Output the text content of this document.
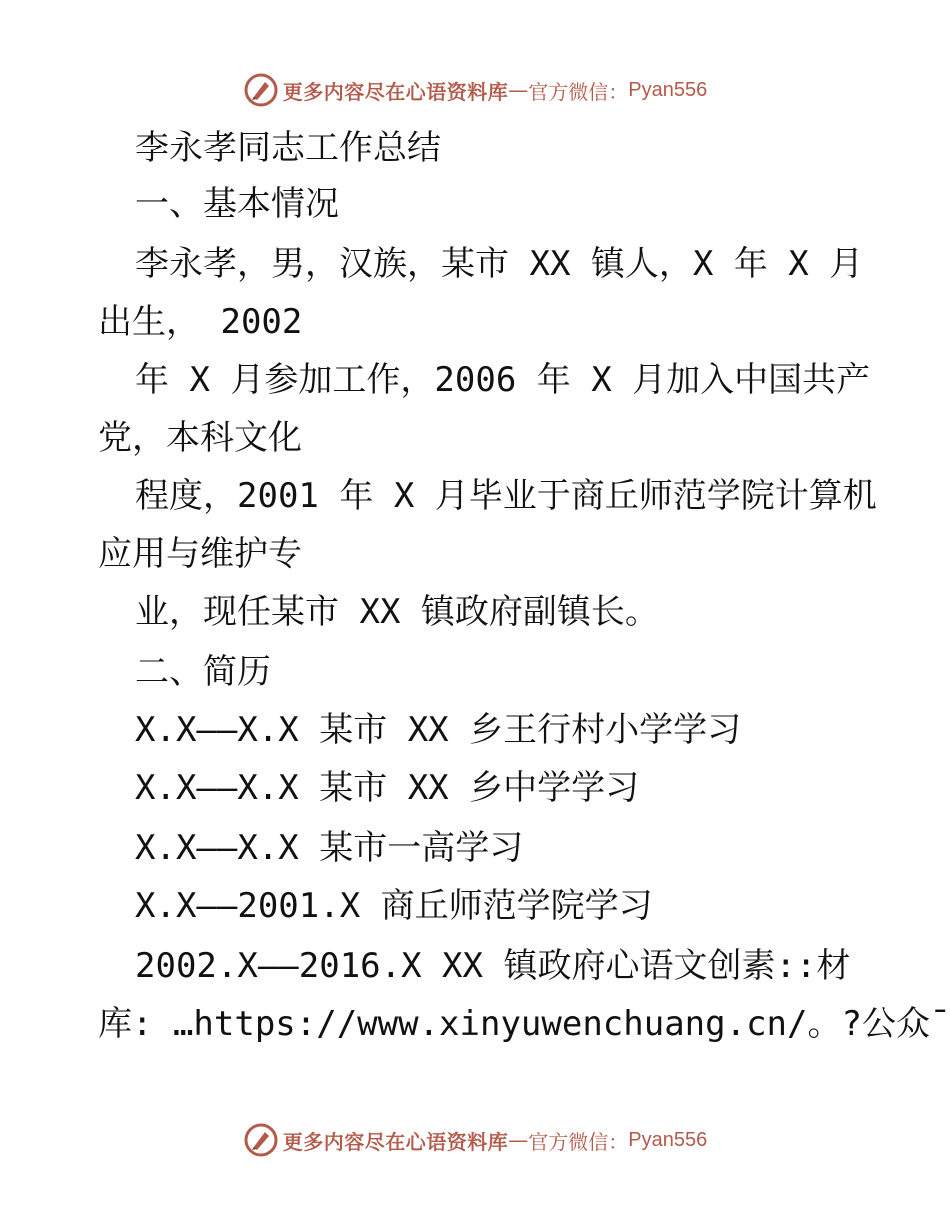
更多内容尽在心语资料库 — 官方微信： Pyan556
李永孝同志工作总结
一、基本情况
李永孝，男，汉族，某市 XX 镇人，X 年 X 月
出生， 2002
年 X 月参加工作，2006 年 X 月加入中国共产
党，本科文化
程度，2001 年 X 月毕业于商丘师范学院计算机
应用与维护专
业，现任某市 XX 镇政府副镇长。
二、简历
X.X——X.X 某市 XX 乡王行村小学学习
X.X——X.X 某市 XX 乡中学学习
X.X——X.X 某市一高学习
X.X——2001.X 商丘师范学院学习
2002.X——2016.X XX 镇政府心语文创素::材
库: …https://www.xinyuwenchuang.cn/。?公众¯
更多内容尽在心语资料库 — 官方微信： Pyan556
